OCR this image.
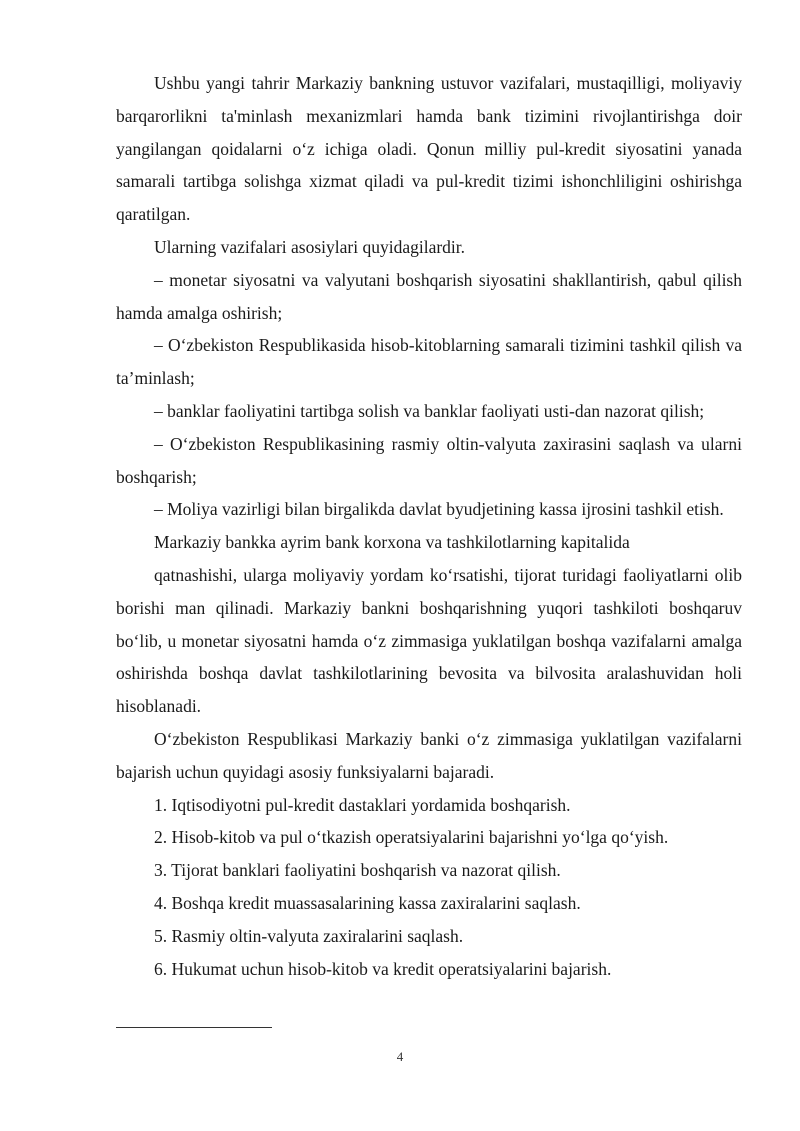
Ushbu yangi tahrir Markaziy bankning ustuvor vazifalari, mustaqilligi, moliyaviy barqarorlikni ta'minlash mexanizmlari hamda bank tizimini rivojlantirishga doir yangilangan qoidalarni o‘z ichiga oladi. Qonun milliy pul-kredit siyosatini yanada samarali tartibga solishga xizmat qiladi va pul-kredit tizimi ishonchliligini oshirishga qaratilgan.

Ularning vazifalari asosiylari quyidagilardir.

– monetar siyosatni va valyutani boshqarish siyosatini shakllantirish, qabul qilish hamda amalga oshirish;

– O‘zbekiston Respublikasida hisob-kitoblarning samarali tizimini tashkil qilish va ta’minlash;

– banklar faoliyatini tartibga solish va banklar faoliyati usti-dan nazorat qilish;

– O‘zbekiston Respublikasining rasmiy oltin-valyuta zaxirasini saqlash va ularni boshqarish;

– Moliya vazirligi bilan birgalikda davlat byudjetining kassa ijrosini tashkil etish.

Markaziy bankka ayrim bank korxona va tashkilotlarning kapitalida

qatnashishi, ularga moliyaviy yordam ko‘rsatishi, tijorat turidagi faoliyatlarni olib borishi man qilinadi. Markaziy bankni boshqarishning yuqori tashkiloti boshqaruv bo‘lib, u monetar siyosatni hamda o‘z zimmasiga yuklatilgan boshqa vazifalarni amalga oshirishda boshqa davlat tashkilotlarining bevosita va bilvosita aralashuvidan holi hisoblanadi.

O‘zbekiston Respublikasi Markaziy banki o‘z zimmasiga yuklatilgan vazifalarni bajarish uchun quyidagi asosiy funksiyalarni bajaradi.

1. Iqtisodiyotni pul-kredit dastaklari yordamida boshqarish.

2. Hisob-kitob va pul o‘tkazish operatsiyalarini bajarishni yo‘lga qo‘yish.

3. Tijorat banklari faoliyatini boshqarish va nazorat qilish.

4. Boshqa kredit muassasalarining kassa zaxiralarini saqlash.

5. Rasmiy oltin-valyuta zaxiralarini saqlash.

6. Hukumat uchun hisob-kitob va kredit operatsiyalarini bajarish.

4
